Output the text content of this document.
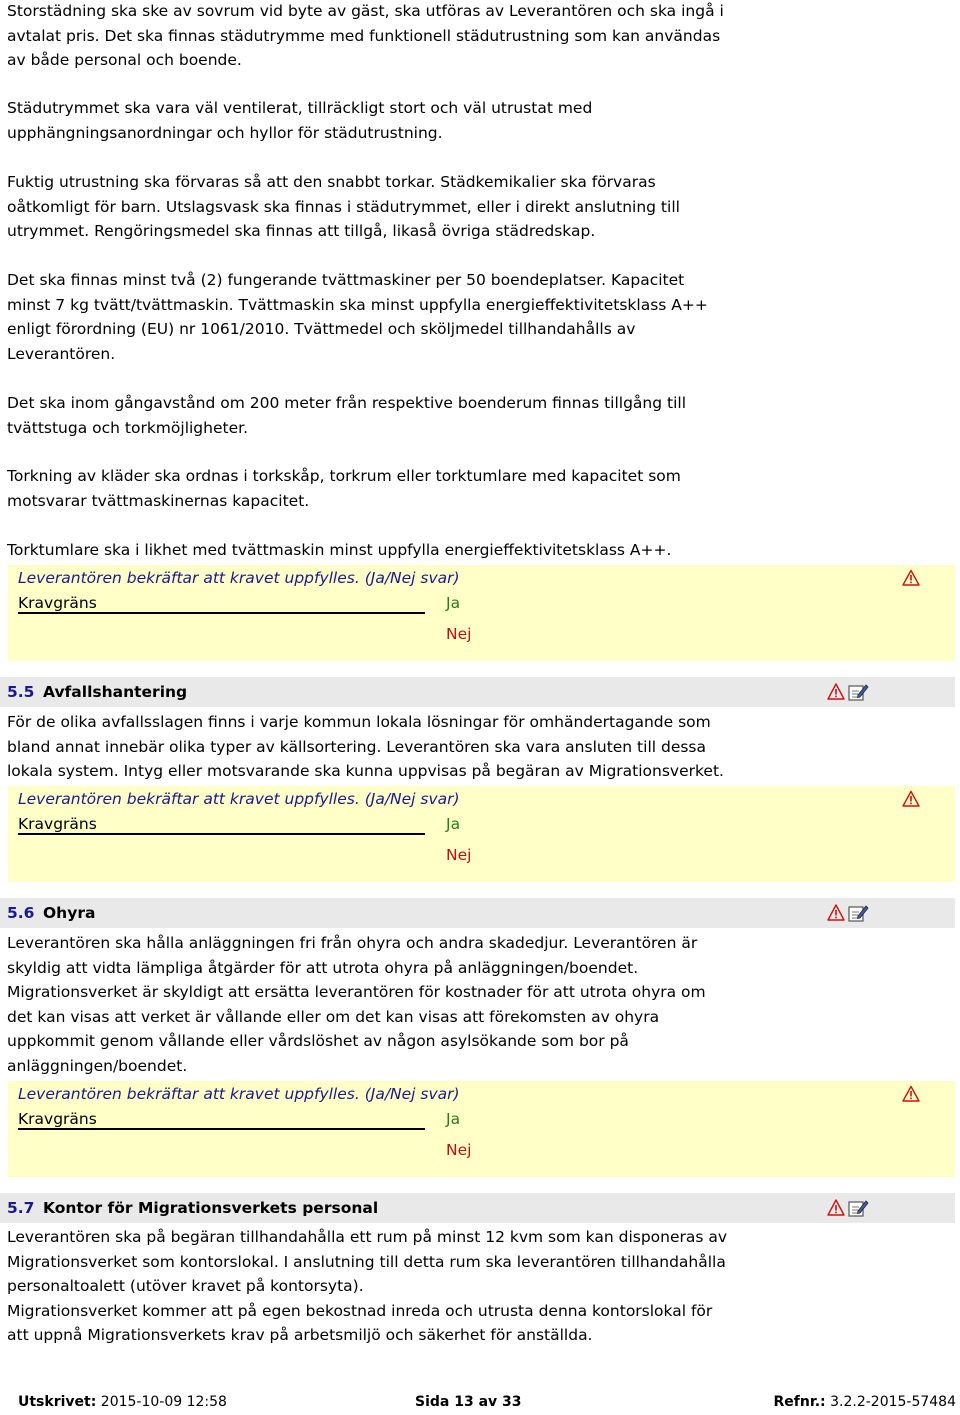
Storstädning ska ske av sovrum vid byte av gäst, ska utföras av Leverantören och ska ingå i
avtalat pris. Det ska finnas städutrymme med funktionell städutrustning som kan användas
av både personal och boende.
Städutrymmet ska vara väl ventilerat, tillräckligt stort och väl utrustat med
upphängningsanordningar och hyllor för städutrustning.
Fuktig utrustning ska förvaras så att den snabbt torkar. Städkemikalier ska förvaras
oåtkomligt för barn. Utslagsvask ska finnas i städutrymmet, eller i direkt anslutning till
utrymmet. Rengöringsmedel ska finnas att tillgå, likaså övriga städredskap.
Det ska finnas minst två (2) fungerande tvättmaskiner per 50 boendeplatser. Kapacitet
minst 7 kg tvätt/tvättmaskin. Tvättmaskin ska minst uppfylla energieffektivitetsklass A++
enligt förordning (EU) nr 1061/2010. Tvättmedel och sköljmedel tillhandahålls av
Leverantören.
Det ska inom gångavstånd om 200 meter från respektive boenderum finnas tillgång till
tvättstuga och torkmöjligheter.
Torkning av kläder ska ordnas i torkskåp, torkrum eller torktumlare med kapacitet som
motsvarar tvättmaskinernas kapacitet.
Torktumlare ska i likhet med tvättmaskin minst uppfylla energieffektivitetsklass A++.
Leverantören bekräftar att kravet uppfylles. (Ja/Nej svar)
Kravgräns	Ja
Nej
5.5 Avfallshantering
För de olika avfallsslagen finns i varje kommun lokala lösningar för omhändertagande som
bland annat innebär olika typer av källsortering. Leverantören ska vara ansluten till dessa
lokala system. Intyg eller motsvarande ska kunna uppvisas på begäran av Migrationsverket.
Leverantören bekräftar att kravet uppfylles. (Ja/Nej svar)
Kravgräns	Ja
Nej
5.6 Ohyra
Leverantören ska hålla anläggningen fri från ohyra och andra skadedjur. Leverantören är
skyldig att vidta lämpliga åtgärder för att utrota ohyra på anläggningen/boendet.
Migrationsverket är skyldigt att ersätta leverantören för kostnader för att utrota ohyra om
det kan visas att verket är vållande eller om det kan visas att förekomsten av ohyra
uppkommit genom vållande eller vårdslöshet av någon asylsökande som bor på
anläggningen/boendet.
Leverantören bekräftar att kravet uppfylles. (Ja/Nej svar)
Kravgräns	Ja
Nej
5.7 Kontor för Migrationsverkets personal
Leverantören ska på begäran tillhandahålla ett rum på minst 12 kvm som kan disponeras av
Migrationsverket som kontorslokal. I anslutning till detta rum ska leverantören tillhandahålla
personaltoalett (utöver kravet på kontorsyta).
Migrationsverket kommer att på egen bekostnad inreda och utrusta denna kontorslokal för
att uppnå Migrationsverkets krav på arbetsmiljö och säkerhet för anställda.
Utskrivet: 2015-10-09 12:58	Sida 13 av 33	Refnr.: 3.2.2-2015-57484
